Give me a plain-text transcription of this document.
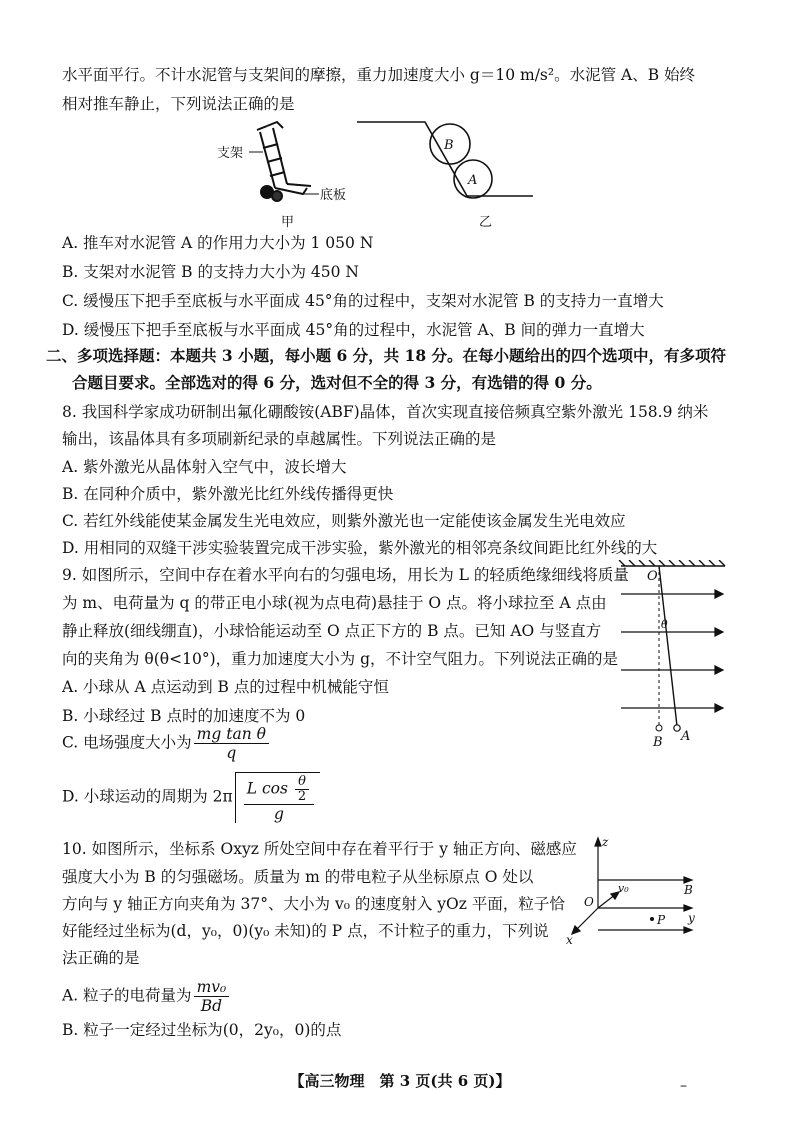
水平面平行。不计水泥管与支架间的摩擦，重力加速度大小 g＝10 m/s²。水泥管 A、B 始终
相对推车静止，下列说法正确的是
支架
底板
甲
B
A
乙
A. 推车对水泥管 A 的作用力大小为 1 050 N
B. 支架对水泥管 B 的支持力大小为 450 N
C. 缓慢压下把手至底板与水平面成 45°角的过程中，支架对水泥管 B 的支持力一直增大
D. 缓慢压下把手至底板与水平面成 45°角的过程中，水泥管 A、B 间的弹力一直增大
二、多项选择题：本题共 3 小题，每小题 6 分，共 18 分。在每小题给出的四个选项中，有多项符
合题目要求。全部选对的得 6 分，选对但不全的得 3 分，有选错的得 0 分。
8. 我国科学家成功研制出氟化硼酸铵(ABF)晶体，首次实现直接倍频真空紫外激光 158.9 纳米
输出，该晶体具有多项刷新纪录的卓越属性。下列说法正确的是
A. 紫外激光从晶体射入空气中，波长增大
B. 在同种介质中，紫外激光比红外线传播得更快
C. 若红外线能使某金属发生光电效应，则紫外激光也一定能使该金属发生光电效应
D. 用相同的双缝干涉实验装置完成干涉实验，紫外激光的相邻亮条纹间距比红外线的大
9. 如图所示，空间中存在着水平向右的匀强电场，用长为 L 的轻质绝缘细线将质量
为 m、电荷量为 q 的带正电小球(视为点电荷)悬挂于 O 点。将小球拉至 A 点由
静止释放(细线绷直)，小球恰能运动至 O 点正下方的 B 点。已知 AO 与竖直方
向的夹角为 θ(θ<10°)，重力加速度大小为 g，不计空气阻力。下列说法正确的是
A. 小球从 A 点运动到 B 点的过程中机械能守恒
B. 小球经过 B 点时的加速度不为 0
C. 电场强度大小为 $\frac{\text{mg tan θ}}{q}$
D. 小球运动的周期为 $2\pi \frac{L \cos \frac{\theta}{2}}{g}$
O
θ
B A
10. 如图所示，坐标系 Oxyz 所处空间中存在着平行于 y 轴正方向、磁感应
强度大小为 B 的匀强磁场。质量为 m 的带电粒子从坐标原点 O 处以
方向与 y 轴正方向夹角为 37°、大小为 v₀ 的速度射入 yOz 平面，粒子恰
好能经过坐标为(d，y₀，0)(y₀ 未知)的 P 点，不计粒子的重力，下列说
法正确的是
A. 粒子的电荷量为 $\frac{\text{mv₀}}{Bd}$
B. 粒子一定经过坐标为(0，2y₀，0)的点
z
v₀	B
O
y
P
x
【高三物理　第 3 页(共 6 页)】	–
